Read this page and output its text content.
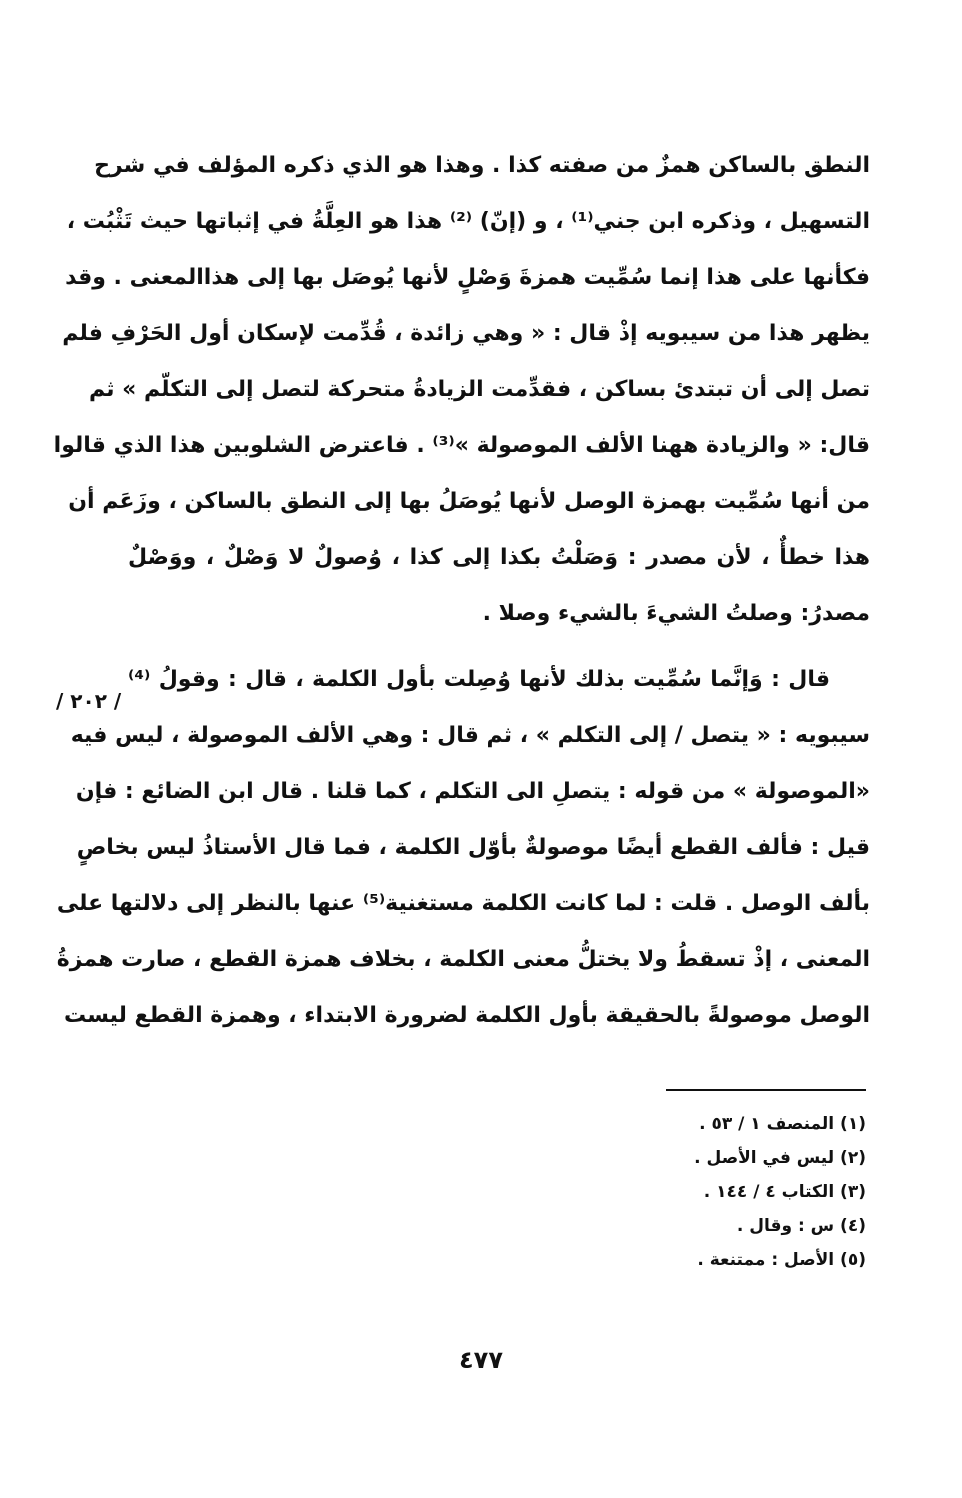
النطق بالساكن همزٌ من صفته كذا . وهذا هو الذي ذكره المؤلف في شرح
التسهيل ، وذكره ابن جني⁽¹⁾ ، و (إنّ) ⁽²⁾ هذا هو العِلَّةُ في إثباتها حيث تَثْبُت ،
فكأنها على هذا إنما سُمِّيت همزةَ وَصْلٍ لأنها يُوصَل بها إلى هذاالمعنى . وقد
يظهر هذا من سيبويه إذْ قال : « وهي زائدة ، قُدِّمت لإسكان أول الحَرْفِ فلم
تصل إلى أن تبتدئ بساكن ، فقدِّمت الزيادةُ متحركة لتصل إلى التكلّم » ثم
قال: « والزيادة ههنا الألف الموصولة »⁽³⁾ . فاعترض الشلوبين هذا الذي قالوا
من أنها سُمِّيت بهمزة الوصل لأنها يُوصَلُ بها إلى النطق بالساكن ، وزَعَم أن
هذا خطأٌ ، لأن مصدر : وَصَلْتُ بكذا إلى كذا ، وُصولٌ لا وَصْلٌ ، ووَصْلٌ
مصدرُ: وصلتُ الشيءَ بالشيء وصلا .
قال : وَإنَّما سُمِّيت بذلك لأنها وُصِلت بأول الكلمة ، قال : وقولُ ⁽⁴⁾
سيبويه : « يتصل / إلى التكلم » ، ثم قال : وهي الألف الموصولة ، ليس فيه
«الموصولة » من قوله : يتصلِ الى التكلم ، كما قلنا . قال ابن الضائع : فإن
قيل : فألف القطع أيضًا موصولةٌ بأوّل الكلمة ، فما قال الأستاذُ ليس بخاصٍ
بألف الوصل . قلت : لما كانت الكلمة مستغنية⁽⁵⁾ عنها بالنظر إلى دلالتها على
المعنى ، إذْ تسقطُ ولا يختلُّ معنى الكلمة ، بخلاف همزة القطع ، صارت همزةُ
الوصل موصولةً بالحقيقة بأول الكلمة لضرورة الابتداء ، وهمزة القطع ليست
/ ٢٠٢ /
(١) المنصف ١ / ٥٣ .
(٢) ليس في الأصل .
(٣) الكتاب ٤ / ١٤٤ .
(٤) س : وقال .
(٥) الأصل : ممتنعة .
٤٧٧
